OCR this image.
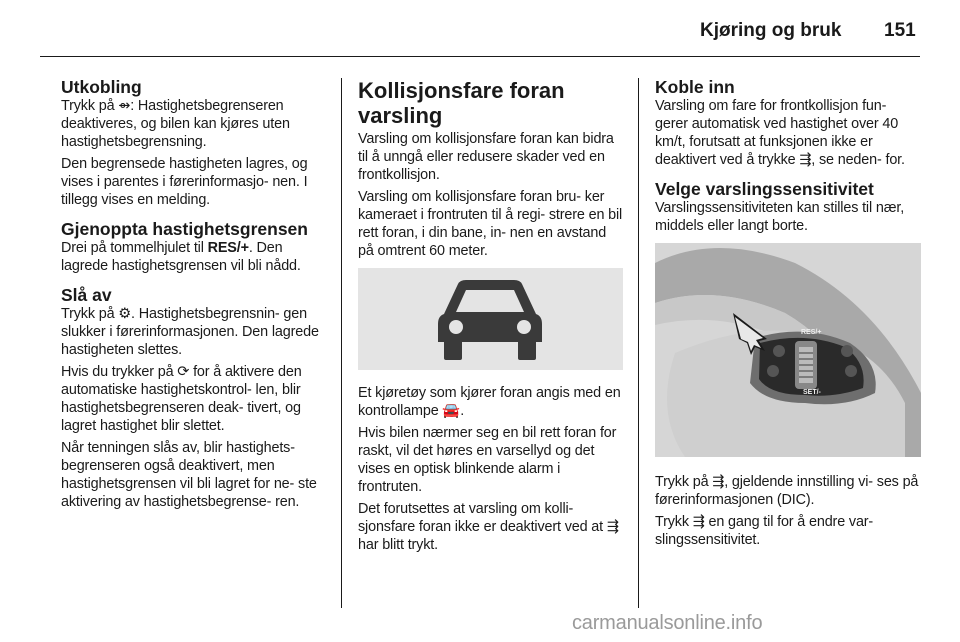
Kjøring og bruk 151
Utkobling

Trykk på ⇴: Hastighetsbegrenseren deaktiveres, og bilen kan kjøres uten hastighetsbegrensning.

Den begrensede hastigheten lagres, og vises i parentes i førerinformasjo- nen. I tillegg vises en melding.

Gjenoppta hastighetsgrensen

Drei på tommelhjulet til RES/+. Den lagrede hastighetsgrensen vil bli nådd.

Slå av

Trykk på ⚙. Hastighetsbegrensnin- gen slukker i førerinformasjonen. Den lagrede hastigheten slettes.

Hvis du trykker på ⟳ for å aktivere den automatiske hastighetskontrol- len, blir hastighetsbegrenseren deak- tivert, og lagret hastighet blir slettet.

Når tenningen slås av, blir hastighets- begrenseren også deaktivert, men hastighetsgrensen vil bli lagret for ne- ste aktivering av hastighetsbegrense- ren.

Kollisjonsfare foran varsling

Varsling om kollisjonsfare foran kan bidra til å unngå eller redusere skader ved en frontkollisjon.

Varsling om kollisjonsfare foran bru- ker kameraet i frontruten til å regi- strere en bil rett foran, i din bane, in- nen en avstand på omtrent 60 meter.

Et kjøretøy som kjører foran angis med en kontrollampe 🚘.

Hvis bilen nærmer seg en bil rett foran for raskt, vil det høres en varsellyd og det vises en optisk blinkende alarm i frontruten.

Det forutsettes at varsling om kolli- sjonsfare foran ikke er deaktivert ved at ⇶ har blitt trykt.

Koble inn

Varsling om fare for frontkollisjon fun- gerer automatisk ved hastighet over 40 km/t, forutsatt at funksjonen ikke er deaktivert ved å trykke ⇶, se neden- for.

Velge varslingssensitivitet

Varslingssensitiviteten kan stilles til nær, middels eller langt borte.

RES/+
SET/-

Trykk på ⇶, gjeldende innstilling vi- ses på førerinformasjonen (DIC).

Trykk ⇶ en gang til for å endre var- slingssensitivitet.

carmanualsonline.info
